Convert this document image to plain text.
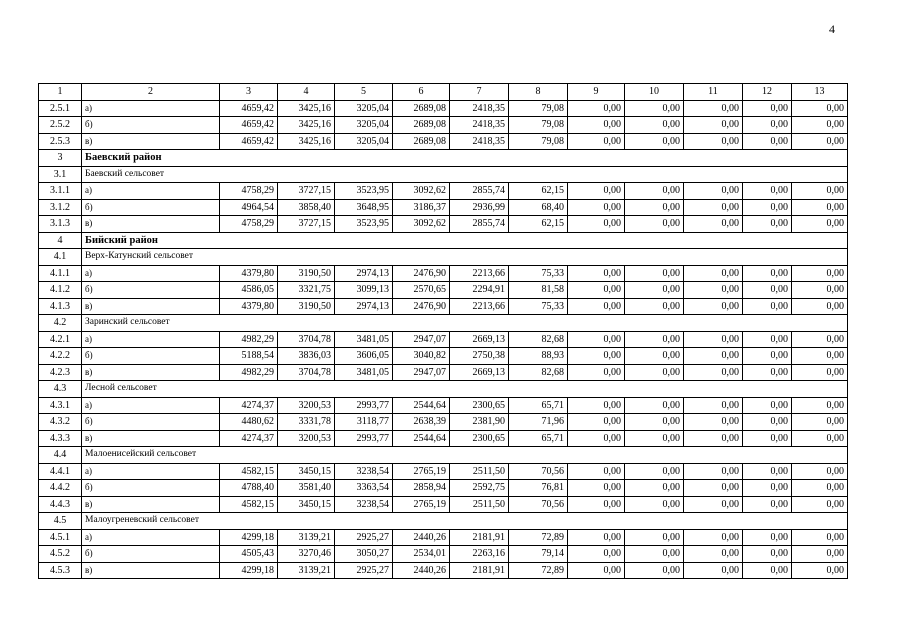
4
1	2	3	4	5	6	7	8	9	10	11	12	13
2.5.1	а)	4659,42	3425,16	3205,04	2689,08	2418,35	79,08	0,00	0,00	0,00	0,00	0,00
2.5.2	б)	4659,42	3425,16	3205,04	2689,08	2418,35	79,08	0,00	0,00	0,00	0,00	0,00
2.5.3	в)	4659,42	3425,16	3205,04	2689,08	2418,35	79,08	0,00	0,00	0,00	0,00	0,00
3	Баевский район											
3.1	Баевский сельсовет											
3.1.1	а)	4758,29	3727,15	3523,95	3092,62	2855,74	62,15	0,00	0,00	0,00	0,00	0,00
3.1.2	б)	4964,54	3858,40	3648,95	3186,37	2936,99	68,40	0,00	0,00	0,00	0,00	0,00
3.1.3	в)	4758,29	3727,15	3523,95	3092,62	2855,74	62,15	0,00	0,00	0,00	0,00	0,00
4	Бийский район											
4.1	Верх-Катунский сельсовет											
4.1.1	а)	4379,80	3190,50	2974,13	2476,90	2213,66	75,33	0,00	0,00	0,00	0,00	0,00
4.1.2	б)	4586,05	3321,75	3099,13	2570,65	2294,91	81,58	0,00	0,00	0,00	0,00	0,00
4.1.3	в)	4379,80	3190,50	2974,13	2476,90	2213,66	75,33	0,00	0,00	0,00	0,00	0,00
4.2	Заринский сельсовет											
4.2.1	а)	4982,29	3704,78	3481,05	2947,07	2669,13	82,68	0,00	0,00	0,00	0,00	0,00
4.2.2	б)	5188,54	3836,03	3606,05	3040,82	2750,38	88,93	0,00	0,00	0,00	0,00	0,00
4.2.3	в)	4982,29	3704,78	3481,05	2947,07	2669,13	82,68	0,00	0,00	0,00	0,00	0,00
4.3	Лесной сельсовет											
4.3.1	а)	4274,37	3200,53	2993,77	2544,64	2300,65	65,71	0,00	0,00	0,00	0,00	0,00
4.3.2	б)	4480,62	3331,78	3118,77	2638,39	2381,90	71,96	0,00	0,00	0,00	0,00	0,00
4.3.3	в)	4274,37	3200,53	2993,77	2544,64	2300,65	65,71	0,00	0,00	0,00	0,00	0,00
4.4	Малоенисейский сельсовет											
4.4.1	а)	4582,15	3450,15	3238,54	2765,19	2511,50	70,56	0,00	0,00	0,00	0,00	0,00
4.4.2	б)	4788,40	3581,40	3363,54	2858,94	2592,75	76,81	0,00	0,00	0,00	0,00	0,00
4.4.3	в)	4582,15	3450,15	3238,54	2765,19	2511,50	70,56	0,00	0,00	0,00	0,00	0,00
4.5	Малоугреневский сельсовет											
4.5.1	а)	4299,18	3139,21	2925,27	2440,26	2181,91	72,89	0,00	0,00	0,00	0,00	0,00
4.5.2	б)	4505,43	3270,46	3050,27	2534,01	2263,16	79,14	0,00	0,00	0,00	0,00	0,00
4.5.3	в)	4299,18	3139,21	2925,27	2440,26	2181,91	72,89	0,00	0,00	0,00	0,00	0,00
